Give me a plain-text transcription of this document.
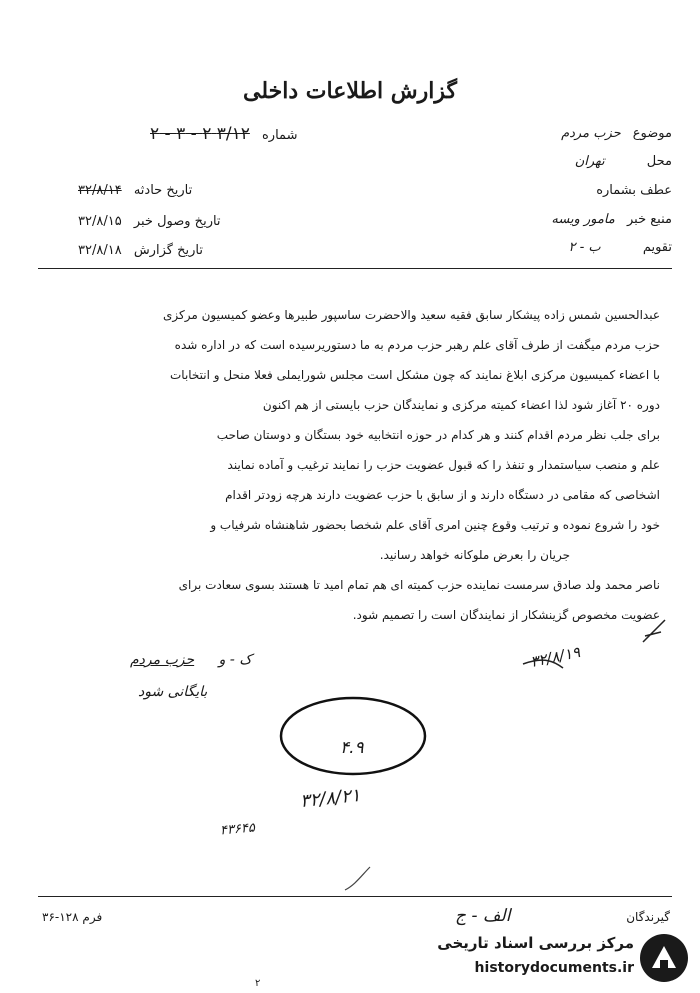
گزارش اطلاعات داخلی
شماره ۳/۱۲ ۲ - ۳ - ۲
تاریخ حادثه ۳۲/۸/۱۴
تاریخ وصول خبر ۳۲/۸/۱۵
تاریخ گزارش ۳۲/۸/۱۸
موضوع حزب مردم
محل تهران
عطف بشماره
منبع خبر مامور ویسه
تقویم ب - ۲

عبدالحسین شمس زاده پیشکار سابق فقیه سعید والاحضرت ساسپور طبیرها وعضو کمیسیون مرکزی

حزب مردم میگفت از طرف آقای علم رهبر حزب مردم به ما دستوریرسیده است که در اداره شده

با اعضاء کمیسیون مرکزی ابلاغ نمایند که چون مشکل است مجلس شورایملی فعلا منحل و انتخابات

دوره ۲۰ آغاز شود لذا اعضاء کمیته مرکزی و نمایندگان حزب بایستی از هم اکنون

برای جلب نظر مردم اقدام کنند و هر کدام در حوزه انتخابیه خود بستگان و دوستان صاحب

علم و منصب سیاستمدار و تنفذ را که قبول عضویت حزب را نمایند ترغیب و آماده نمایند

اشخاصی که مقامی در دستگاه دارند و از سابق با حزب عضویت دارند هرچه زودتر اقدام

خود را شروع نموده و ترتیب وقوع چنین امری آقای علم شخصا بحضور شاهنشاه شرفیاب و

جریان را بعرض ملوکانه خواهد رسانید.

ناصر محمد ولد صادق سرمست نماینده حزب کمیته ای هم تمام امید تا هستند بسوی سعادت برای

عضویت مخصوص گزینشکار از نمایندگان است را تصمیم شود.

ک - و حزب مردم
بایگانی شود
۳۲/۸/۱۹
۴.۹
۳۲/۸/۲۱
۴۳۶۴۵
فرم ۱۲۸-۳۶	گیرندگان
الف - ج
مرکز بررسی اسناد تاریخی
historydocuments.ir
۲
